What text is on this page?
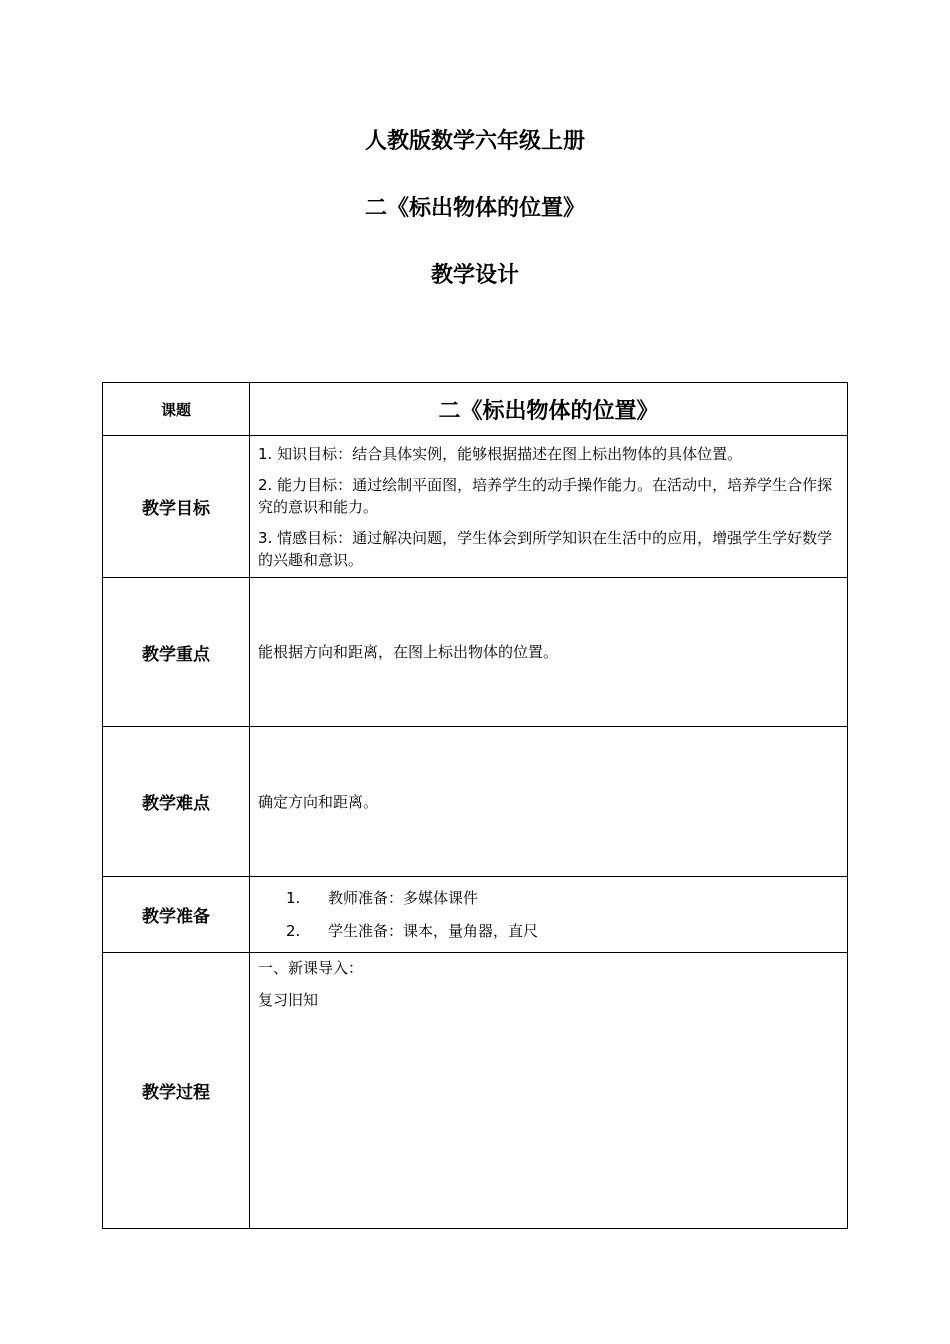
人教版数学六年级上册

二《标出物体的位置》

教学设计

课题	二《标出物体的位置》
教学目标	1. 知识目标：结合具体实例，能够根据描述在图上标出物体的具体位置。

2. 能力目标：通过绘制平面图，培养学生的动手操作能力。在活动中，培养学生合作探究的意识和能力。

3. 情感目标：通过解决问题，学生体会到所学知识在生活中的应用，增强学生学好数学的兴趣和意识。

教学重点	能根据方向和距离，在图上标出物体的位置。
教学难点	确定方向和距离。
教学准备	1. 教师准备：多媒体课件
2. 学生准备：课本，量角器，直尺

教学过程	一、新课导入：

复习旧知
